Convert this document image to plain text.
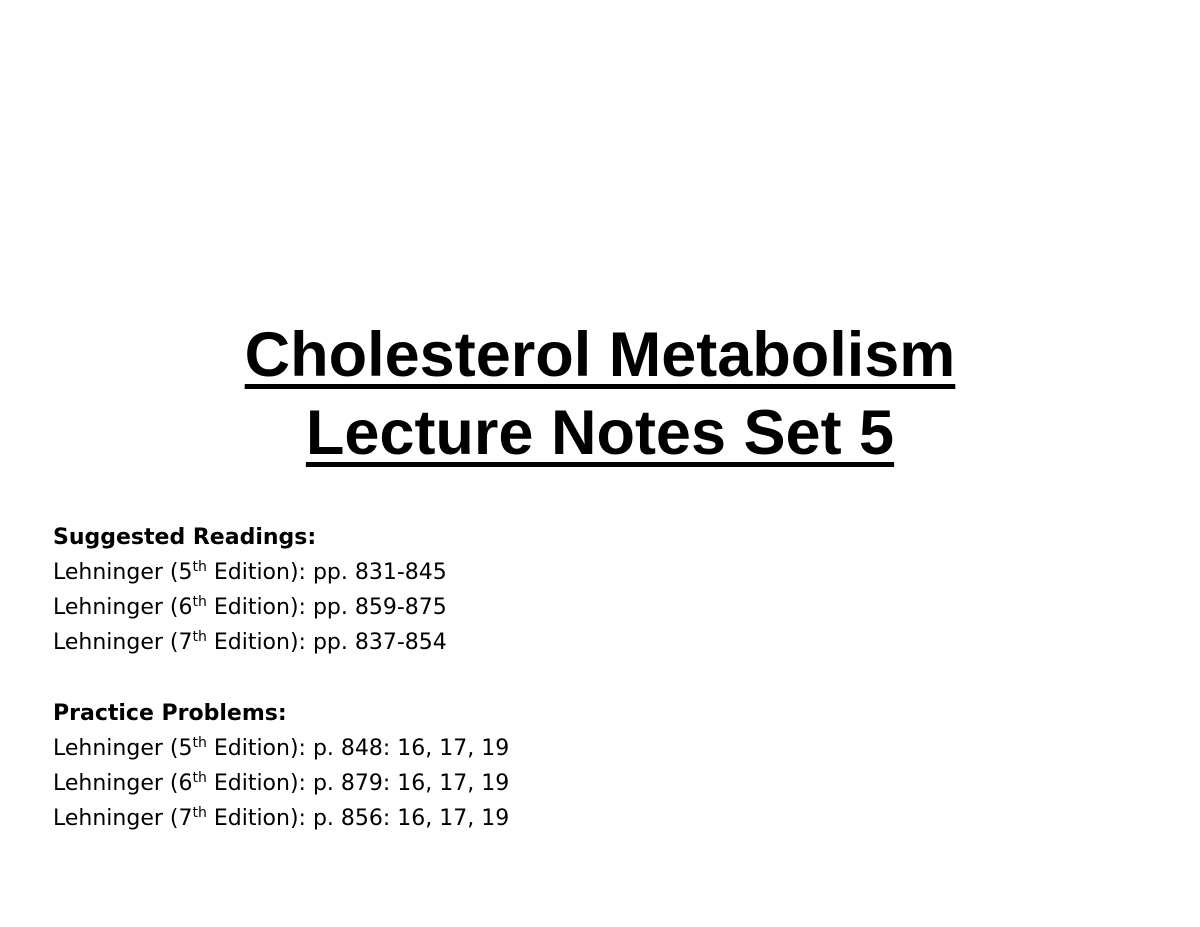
Cholesterol Metabolism
Lecture Notes Set 5
Suggested Readings:
Lehninger (5th Edition): pp. 831-845
Lehninger (6th Edition): pp. 859-875
Lehninger (7th Edition): pp. 837-854
Practice Problems:
Lehninger (5th Edition): p. 848: 16, 17, 19
Lehninger (6th Edition): p. 879: 16, 17, 19
Lehninger (7th Edition): p. 856: 16, 17, 19
